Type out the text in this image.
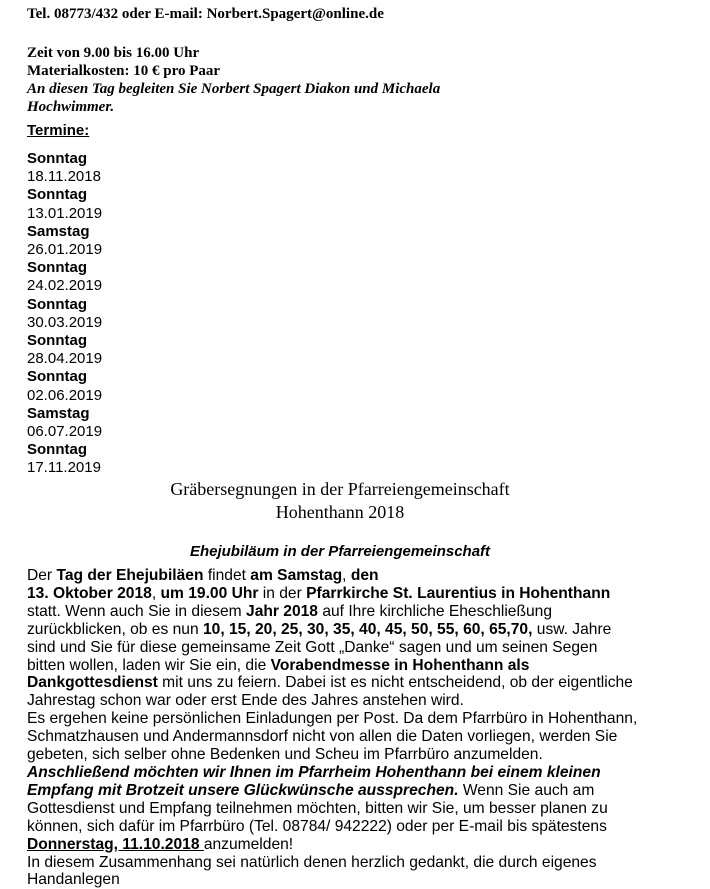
Tel. 08773/432 oder E-mail: Norbert.Spagert@online.de
Zeit von 9.00 bis 16.00 Uhr
Materialkosten: 10 € pro Paar
An diesen Tag begleiten Sie Norbert Spagert Diakon und Michaela
Hochwimmer.
Termine:
Sonntag
18.11.2018
Sonntag
13.01.2019
Samstag
26.01.2019
Sonntag
24.02.2019
Sonntag
30.03.2019
Sonntag
28.04.2019
Sonntag
02.06.2019
Samstag
06.07.2019
Sonntag
17.11.2019
Gräbersegnungen in der Pfarreiengemeinschaft
Hohenthann 2018
Ehejubiläum in der Pfarreiengemeinschaft
Der Tag der Ehejubiläen findet am Samstag, den
13. Oktober 2018, um 19.00 Uhr in der Pfarrkirche St. Laurentius in Hohenthann
statt. Wenn auch Sie in diesem Jahr 2018 auf Ihre kirchliche Eheschließung
zurückblicken, ob es nun 10, 15, 20, 25, 30, 35, 40, 45, 50, 55, 60, 65,70, usw. Jahre
sind und Sie für diese gemeinsame Zeit Gott „Danke“ sagen und um seinen Segen
bitten wollen, laden wir Sie ein, die Vorabendmesse in Hohenthann als
Dankgottesdienst mit uns zu feiern. Dabei ist es nicht entscheidend, ob der eigentliche
Jahrestag schon war oder erst Ende des Jahres anstehen wird.
Es ergehen keine persönlichen Einladungen per Post. Da dem Pfarrbüro in Hohenthann,
Schmatzhausen und Andermannsdorf nicht von allen die Daten vorliegen, werden Sie
gebeten, sich selber ohne Bedenken und Scheu im Pfarrbüro anzumelden.
Anschließend möchten wir Ihnen im Pfarrheim Hohenthann bei einem kleinen
Empfang mit Brotzeit unsere Glückwünsche aussprechen. Wenn Sie auch am
Gottesdienst und Empfang teilnehmen möchten, bitten wir Sie, um besser planen zu
können, sich dafür im Pfarrbüro (Tel. 08784/ 942222) oder per E-mail bis spätestens
Donnerstag, 11.10.2018 anzumelden!
In diesem Zusammenhang sei natürlich denen herzlich gedankt, die durch eigenes Handanlegen
